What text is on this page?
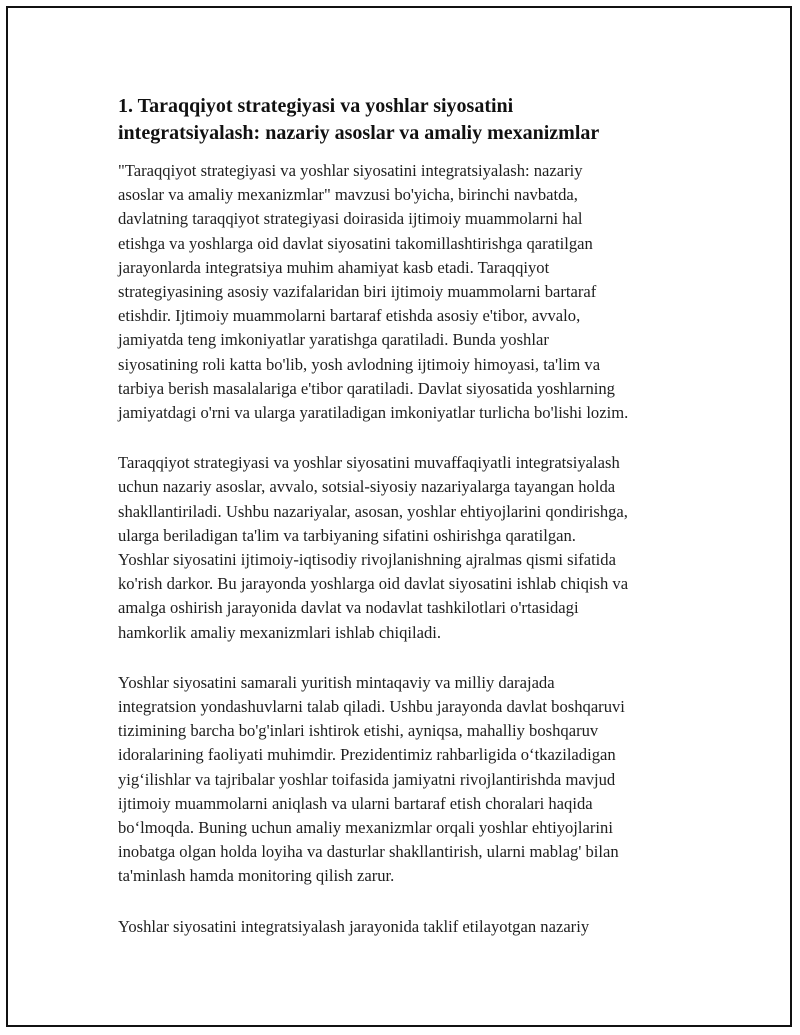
1. Taraqqiyot strategiyasi va yoshlar siyosatini
integratsiyalash: nazariy asoslar va amaliy mexanizmlar

"Taraqqiyot strategiyasi va yoshlar siyosatini integratsiyalash: nazariy
asoslar va amaliy mexanizmlar" mavzusi bo'yicha, birinchi navbatda,
davlatning taraqqiyot strategiyasi doirasida ijtimoiy muammolarni hal
etishga va yoshlarga oid davlat siyosatini takomillashtirishga qaratilgan
jarayonlarda integratsiya muhim ahamiyat kasb etadi. Taraqqiyot
strategiyasining asosiy vazifalaridan biri ijtimoiy muammolarni bartaraf
etishdir. Ijtimoiy muammolarni bartaraf etishda asosiy e'tibor, avvalo,
jamiyatda teng imkoniyatlar yaratishga qaratiladi. Bunda yoshlar
siyosatining roli katta bo'lib, yosh avlodning ijtimoiy himoyasi, ta'lim va
tarbiya berish masalalariga e'tibor qaratiladi. Davlat siyosatida yoshlarning
jamiyatdagi o'rni va ularga yaratiladigan imkoniyatlar turlicha bo'lishi lozim.

Taraqqiyot strategiyasi va yoshlar siyosatini muvaffaqiyatli integratsiyalash
uchun nazariy asoslar, avvalo, sotsial-siyosiy nazariyalarga tayangan holda
shakllantiriladi. Ushbu nazariyalar, asosan, yoshlar ehtiyojlarini qondirishga,
ularga beriladigan ta'lim va tarbiyaning sifatini oshirishga qaratilgan.
Yoshlar siyosatini ijtimoiy-iqtisodiy rivojlanishning ajralmas qismi sifatida
ko'rish darkor. Bu jarayonda yoshlarga oid davlat siyosatini ishlab chiqish va
amalga oshirish jarayonida davlat va nodavlat tashkilotlari o'rtasidagi
hamkorlik amaliy mexanizmlari ishlab chiqiladi.

Yoshlar siyosatini samarali yuritish mintaqaviy va milliy darajada
integratsion yondashuvlarni talab qiladi. Ushbu jarayonda davlat boshqaruvi
tizimining barcha bo'g'inlari ishtirok etishi, ayniqsa, mahalliy boshqaruv
idoralarining faoliyati muhimdir. Prezidentimiz rahbarligida o‘tkaziladigan
yig‘ilishlar va tajribalar yoshlar toifasida jamiyatni rivojlantirishda mavjud
ijtimoiy muammolarni aniqlash va ularni bartaraf etish choralari haqida
bo‘lmoqda. Buning uchun amaliy mexanizmlar orqali yoshlar ehtiyojlarini
inobatga olgan holda loyiha va dasturlar shakllantirish, ularni mablag' bilan
ta'minlash hamda monitoring qilish zarur.

Yoshlar siyosatini integratsiyalash jarayonida taklif etilayotgan nazariy
